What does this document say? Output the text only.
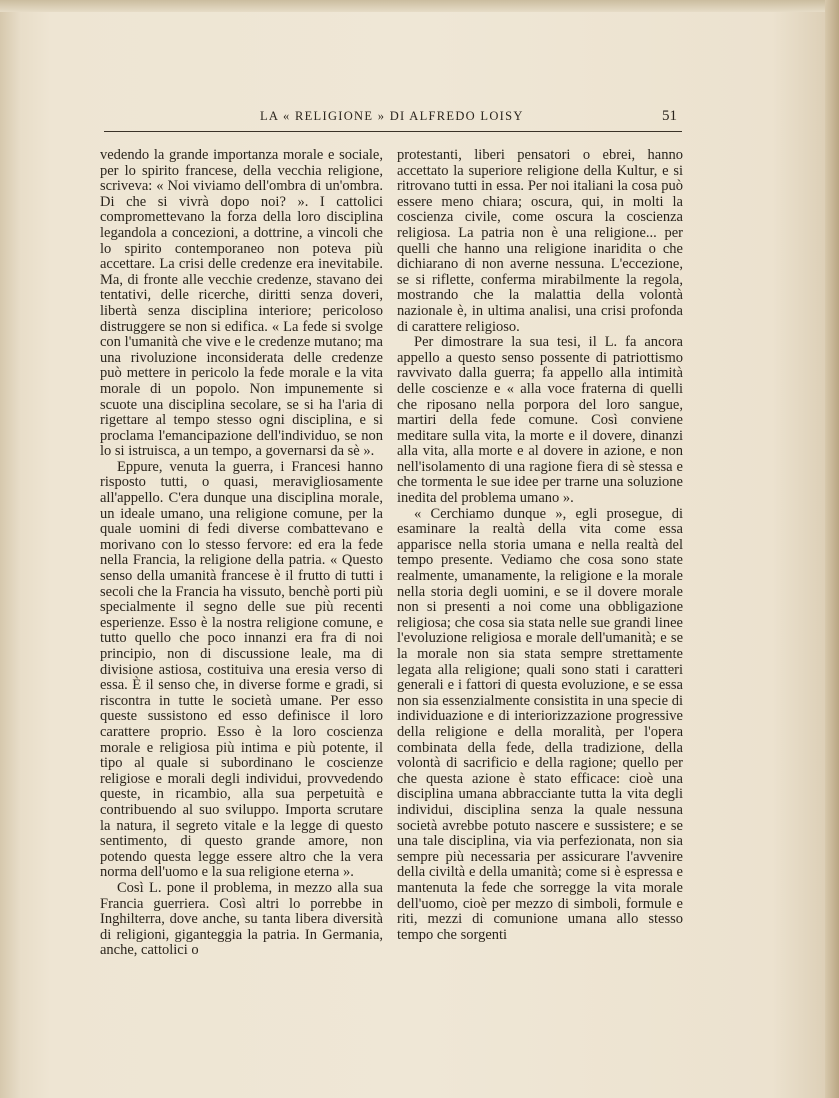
LA « RELIGIONE » DI ALFREDO LOISY	51

vedendo la grande importanza morale e sociale, per lo spirito francese, della vecchia religione, scriveva: « Noi viviamo dell'ombra di un'ombra. Di che si vivrà dopo noi? ». I cattolici compromettevano la forza della loro disciplina legandola a concezioni, a dottrine, a vincoli che lo spirito contemporaneo non poteva più accettare. La crisi delle credenze era inevitabile. Ma, di fronte alle vecchie credenze, stavano dei tentativi, delle ricerche, diritti senza doveri, libertà senza disciplina interiore; pericoloso distruggere se non si edifica. « La fede si svolge con l'umanità che vive e le credenze mutano; ma una rivoluzione inconsiderata delle credenze può mettere in pericolo la fede morale e la vita morale di un popolo. Non impunemente si scuote una disciplina secolare, se si ha l'aria di rigettare al tempo stesso ogni disciplina, e si proclama l'emancipazione dell'individuo, se non lo si istruisca, a un tempo, a governarsi da sè ».

Eppure, venuta la guerra, i Francesi hanno risposto tutti, o quasi, meravigliosamente all'appello. C'era dunque una disciplina morale, un ideale umano, una religione comune, per la quale uomini di fedi diverse combattevano e morivano con lo stesso fervore: ed era la fede nella Francia, la religione della patria. « Questo senso della umanità francese è il frutto di tutti i secoli che la Francia ha vissuto, benchè porti più specialmente il segno delle sue più recenti esperienze. Esso è la nostra religione comune, e tutto quello che poco innanzi era fra di noi principio, non di discussione leale, ma di divisione astiosa, costituiva una eresia verso di essa. È il senso che, in diverse forme e gradi, si riscontra in tutte le società umane. Per esso queste sussistono ed esso definisce il loro carattere proprio. Esso è la loro coscienza morale e religiosa più intima e più potente, il tipo al quale si subordinano le coscienze religiose e morali degli individui, provvedendo queste, in ricambio, alla sua perpetuità e contribuendo al suo sviluppo. Importa scrutare la natura, il segreto vitale e la legge di questo sentimento, di questo grande amore, non potendo questa legge essere altro che la vera norma dell'uomo e la sua religione eterna ».

Così L. pone il problema, in mezzo alla sua Francia guerriera. Così altri lo porrebbe in Inghilterra, dove anche, su tanta libera diversità di religioni, giganteggia la patria. In Germania, anche, cattolici o

protestanti, liberi pensatori o ebrei, hanno accettato la superiore religione della Kultur, e si ritrovano tutti in essa. Per noi italiani la cosa può essere meno chiara; oscura, qui, in molti la coscienza civile, come oscura la coscienza religiosa. La patria non è una religione... per quelli che hanno una religione inaridita o che dichiarano di non averne nessuna. L'eccezione, se si riflette, conferma mirabilmente la regola, mostrando che la malattia della volontà nazionale è, in ultima analisi, una crisi profonda di carattere religioso.

Per dimostrare la sua tesi, il L. fa ancora appello a questo senso possente di patriottismo ravvivato dalla guerra; fa appello alla intimità delle coscienze e « alla voce fraterna di quelli che riposano nella porpora del loro sangue, martiri della fede comune. Così conviene meditare sulla vita, la morte e il dovere, dinanzi alla vita, alla morte e al dovere in azione, e non nell'isolamento di una ragione fiera di sè stessa e che tormenta le sue idee per trarne una soluzione inedita del problema umano ».

« Cerchiamo dunque », egli prosegue, di esaminare la realtà della vita come essa apparisce nella storia umana e nella realtà del tempo presente. Vediamo che cosa sono state realmente, umanamente, la religione e la morale nella storia degli uomini, e se il dovere morale non si presenti a noi come una obbligazione religiosa; che cosa sia stata nelle sue grandi linee l'evoluzione religiosa e morale dell'umanità; e se la morale non sia stata sempre strettamente legata alla religione; quali sono stati i caratteri generali e i fattori di questa evoluzione, e se essa non sia essenzialmente consistita in una specie di individuazione e di interiorizzazione progressive della religione e della moralità, per l'opera combinata della fede, della tradizione, della volontà di sacrificio e della ragione; quello per che questa azione è stato efficace: cioè una disciplina umana abbracciante tutta la vita degli individui, disciplina senza la quale nessuna società avrebbe potuto nascere e sussistere; e se una tale disciplina, via via perfezionata, non sia sempre più necessaria per assicurare l'avvenire della civiltà e della umanità; come si è espressa e mantenuta la fede che sorregge la vita morale dell'uomo, cioè per mezzo di simboli, formule e riti, mezzi di comunione umana allo stesso tempo che sorgenti
